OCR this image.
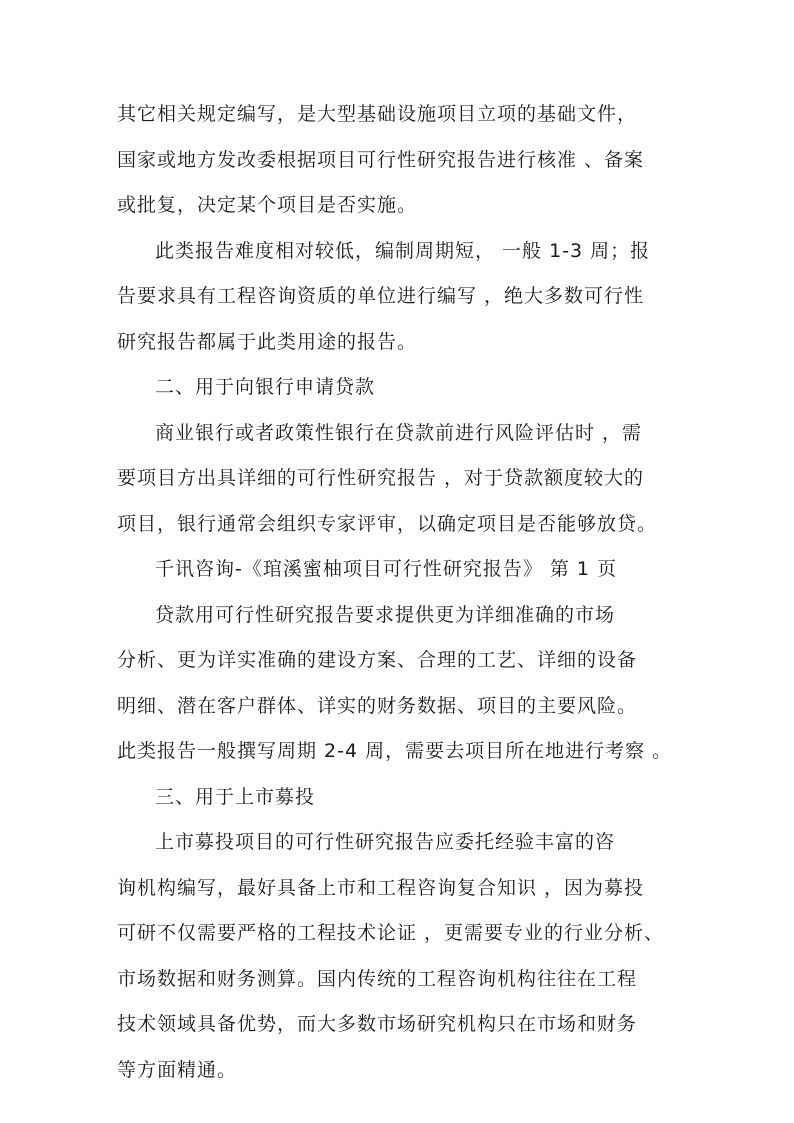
其它相关规定编写，是大型基础设施项目立项的基础文件，
国家或地方发改委根据项目可行性研究报告进行核准 、备案
或批复，决定某个项目是否实施。
此类报告难度相对较低，编制周期短， 一般 1-3 周；报
告要求具有工程咨询资质的单位进行编写 ，绝大多数可行性
研究报告都属于此类用途的报告。
二、用于向银行申请贷款
商业银行或者政策性银行在贷款前进行风险评估时 ，需
要项目方出具详细的可行性研究报告 ，对于贷款额度较大的
项目，银行通常会组织专家评审，以确定项目是否能够放贷。
千讯咨询-《琯溪蜜柚项目可行性研究报告》 第 1 页
贷款用可行性研究报告要求提供更为详细准确的市场
分析、更为详实准确的建设方案、合理的工艺、详细的设备
明细、潜在客户群体、详实的财务数据、项目的主要风险。
此类报告一般撰写周期 2-4 周，需要去项目所在地进行考察 。
三、用于上市募投
上市募投项目的可行性研究报告应委托经验丰富的咨
询机构编写，最好具备上市和工程咨询复合知识 ，因为募投
可研不仅需要严格的工程技术论证 ，更需要专业的行业分析、
市场数据和财务测算。国内传统的工程咨询机构往往在工程
技术领域具备优势，而大多数市场研究机构只在市场和财务
等方面精通。
